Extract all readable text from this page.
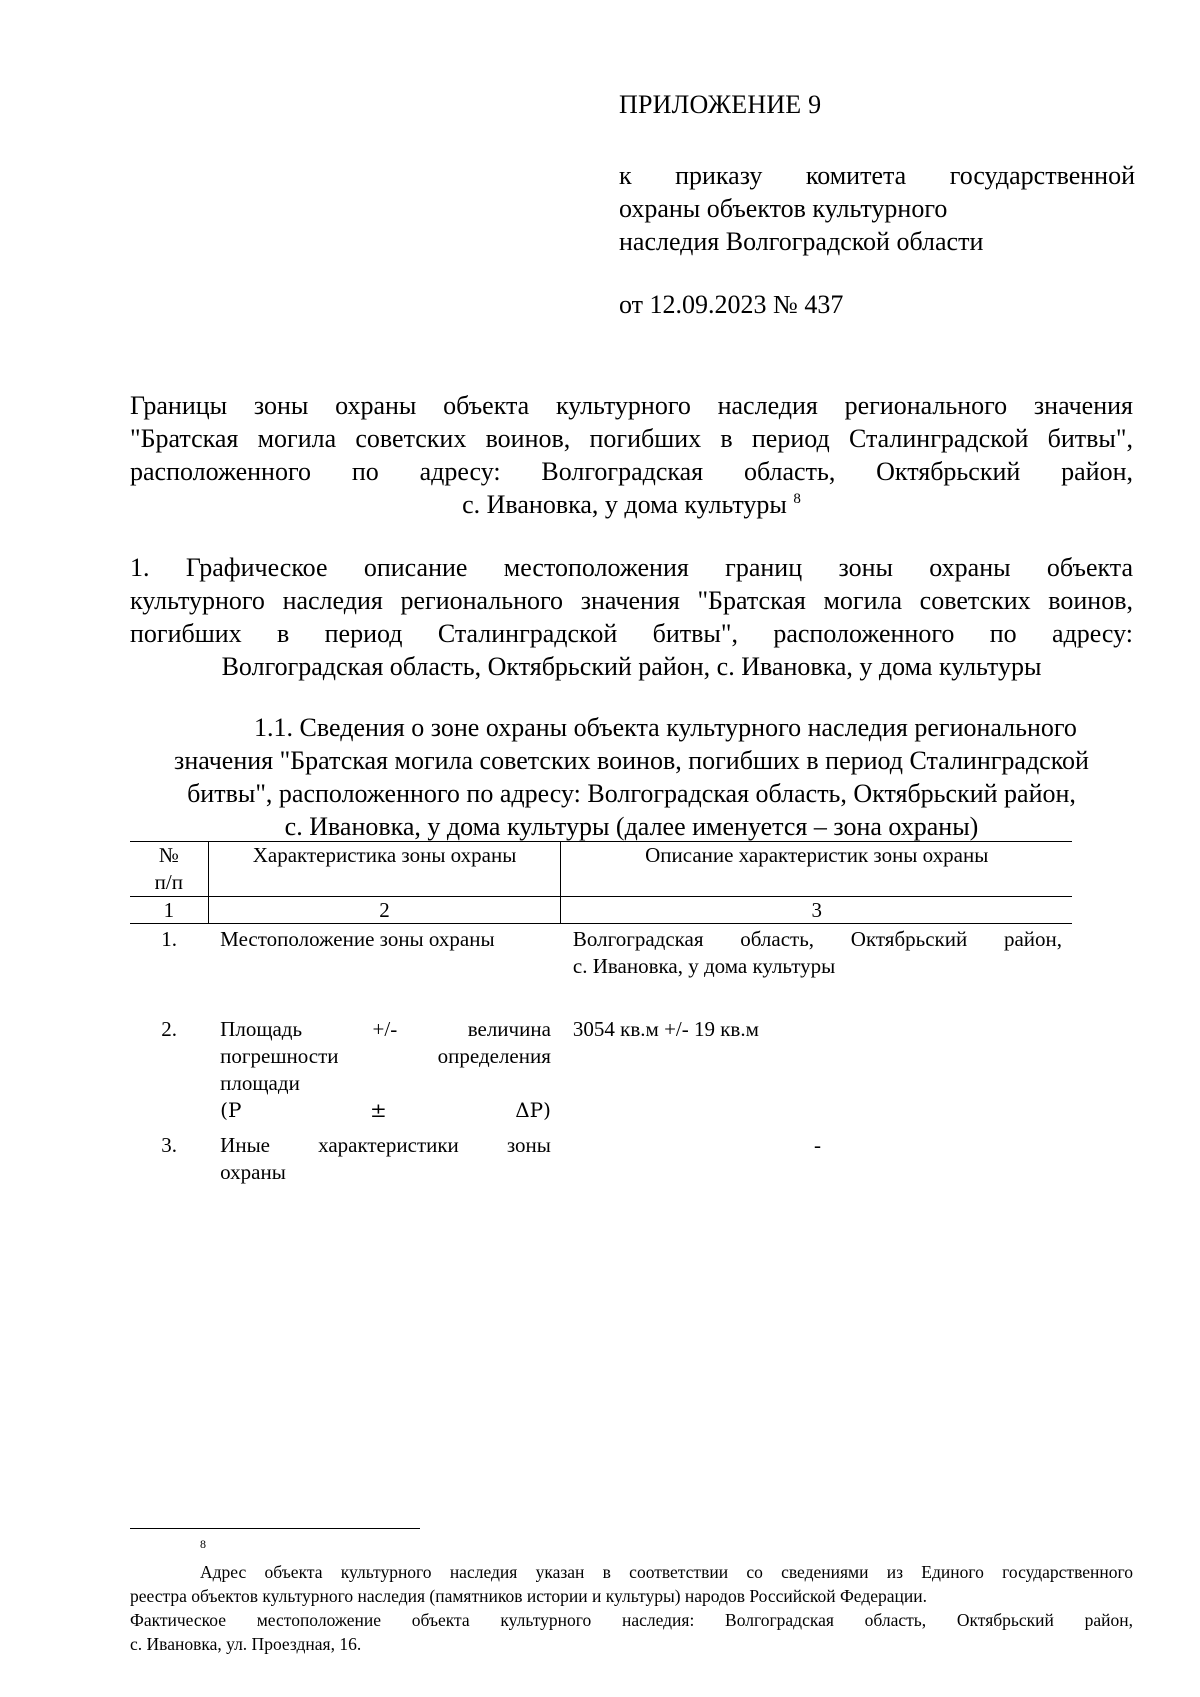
ПРИЛОЖЕНИЕ 9
к приказу комитета государственной
охраны объектов культурного
наследия Волгоградской области
от 12.09.2023 № 437
Границы зоны охраны объекта культурного наследия регионального значения
"Братская могила советских воинов, погибших в период Сталинградской битвы",
расположенного по адресу: Волгоградская область, Октябрьский район,
с. Ивановка, у дома культуры $^8$
1. Графическое описание местоположения границ зоны охраны объекта
культурного наследия регионального значения "Братская могила советских воинов,
погибших в период Сталинградской битвы", расположенного по адресу:
Волгоградская область, Октябрьский район, с. Ивановка, у дома культуры
1.1. Сведения о зоне охраны объекта культурного наследия регионального
значения "Братская могила советских воинов, погибших в период Сталинградской
битвы", расположенного по адресу: Волгоградская область, Октябрьский район,
с. Ивановка, у дома культуры (далее именуется – зона охраны)
№
п/п	Характеристика зоны охраны	Описание характеристик зоны охраны
1	2	3
1.	Местоположение зоны охраны	Волгоградская область, Октябрьский район,
с. Ивановка, у дома культуры

2.	Площадь +/- величина
погрешности определения
площади
(P ± ΔP)	3054 кв.м +/- 19 кв.м
3.	Иные характеристики зоны
охраны	-
$^8$
Адрес объекта культурного наследия указан в соответствии со сведениями из Единого государственного
реестра объектов культурного наследия (памятников истории и культуры) народов Российской Федерации.
Фактическое местоположение объекта культурного наследия: Волгоградская область, Октябрьский район,
с. Ивановка, ул. Проездная, 16.
